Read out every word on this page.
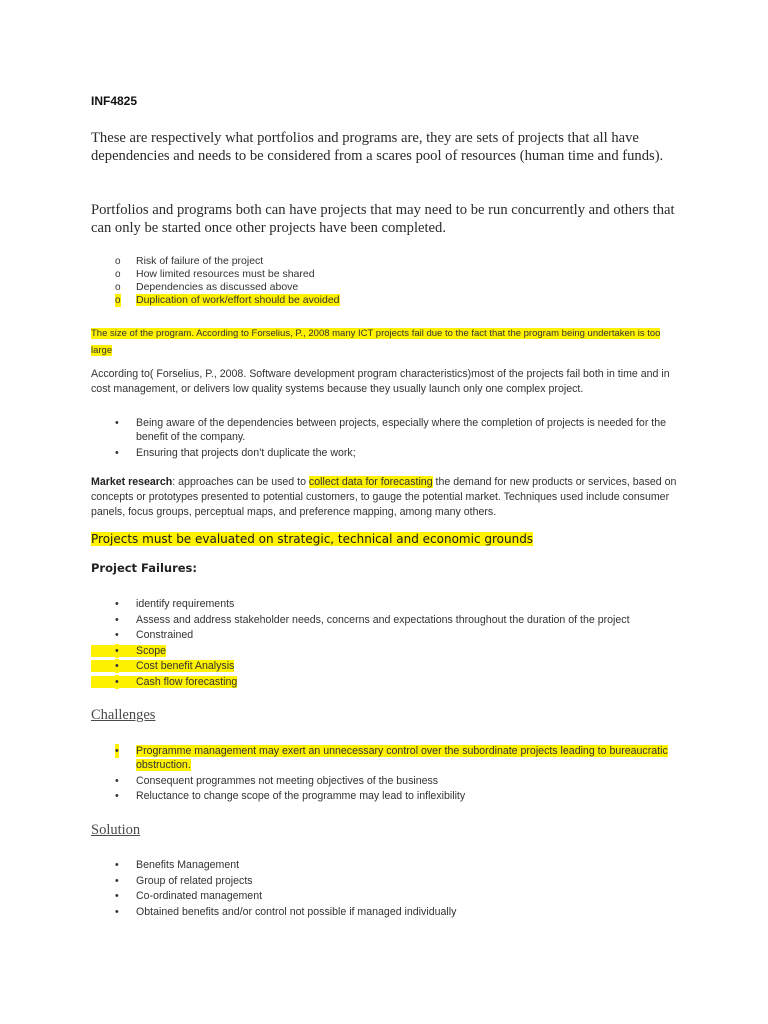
INF4825

These are respectively what portfolios and programs are, they are sets of projects that all have dependencies and needs to be considered from a scares pool of resources (human time and funds).

Portfolios and programs both can have projects that may need to be run concurrently and others that can only be started once other projects have been completed.

o Risk of failure of the project
o How limited resources must be shared
o Dependencies as discussed above
o Duplication of work/effort should be avoided

The size of the program. According to Forselius, P., 2008 many ICT projects fail due to the fact that the program being undertaken is too large

According to( Forselius, P., 2008. Software development program characteristics)most of the projects fail both in time and in cost management, or delivers low quality systems because they usually launch only one complex project.

• Being aware of the dependencies between projects, especially where the completion of projects is needed for the benefit of the company.
• Ensuring that projects don’t duplicate the work;

Market research: approaches can be used to collect data for forecasting the demand for new products or services, based on concepts or prototypes presented to potential customers, to gauge the potential market. Techniques used include consumer panels, focus groups, perceptual maps, and preference mapping, among many others.

Projects must be evaluated on strategic, technical and economic grounds
Project Failures:
• identify requirements
• Assess and address stakeholder needs, concerns and expectations throughout the duration of the project
• Constrained
• Scope
• Cost benefit Analysis
• Cash flow forecasting
Challenges
• Programme management may exert an unnecessary control over the subordinate projects leading to bureaucratic obstruction.
• Consequent programmes not meeting objectives of the business
• Reluctance to change scope of the programme may lead to inflexibility
Solution
• Benefits Management
• Group of related projects
• Co-ordinated management
• Obtained benefits and/or control not possible if managed individually
